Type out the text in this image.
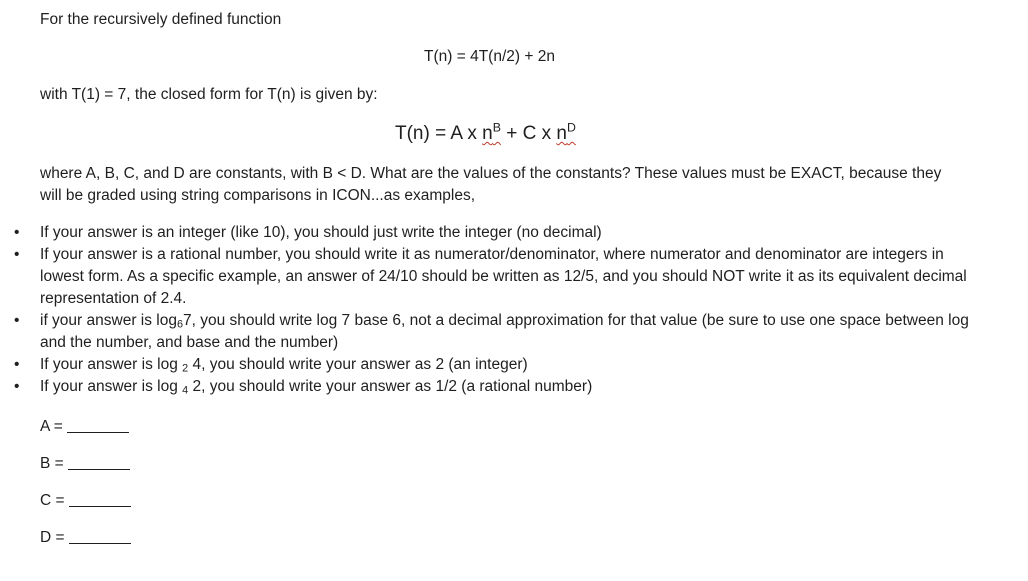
For the recursively defined function
T(n) = 4T(n/2) + 2n
with T(1) = 7, the closed form for T(n) is given by:
T(n) = A x $n^B + C$ x $n^D$
where A, B, C, and D are constants, with B < D. What are the values of the constants? These values must be EXACT, because they will be graded using string comparisons in ICON...as examples,
• If your answer is an integer (like 10), you should just write the integer (no decimal)
• If your answer is a rational number, you should write it as numerator/denominator, where numerator and denominator are integers in lowest form. As a specific example, an answer of 24/10 should be written as 12/5, and you should NOT write it as its equivalent decimal representation of 2.4.
• if your answer is $\log_67$, you should write log 7 base 6, not a decimal approximation for that value (be sure to use one space between log and the number, and base and the number)
• If your answer is log $_2$ 4, you should write your answer as 2 (an integer)
• If your answer is log $_4$ 2, you should write your answer as 1/2 (a rational number)
A =
B =
C =
D =
